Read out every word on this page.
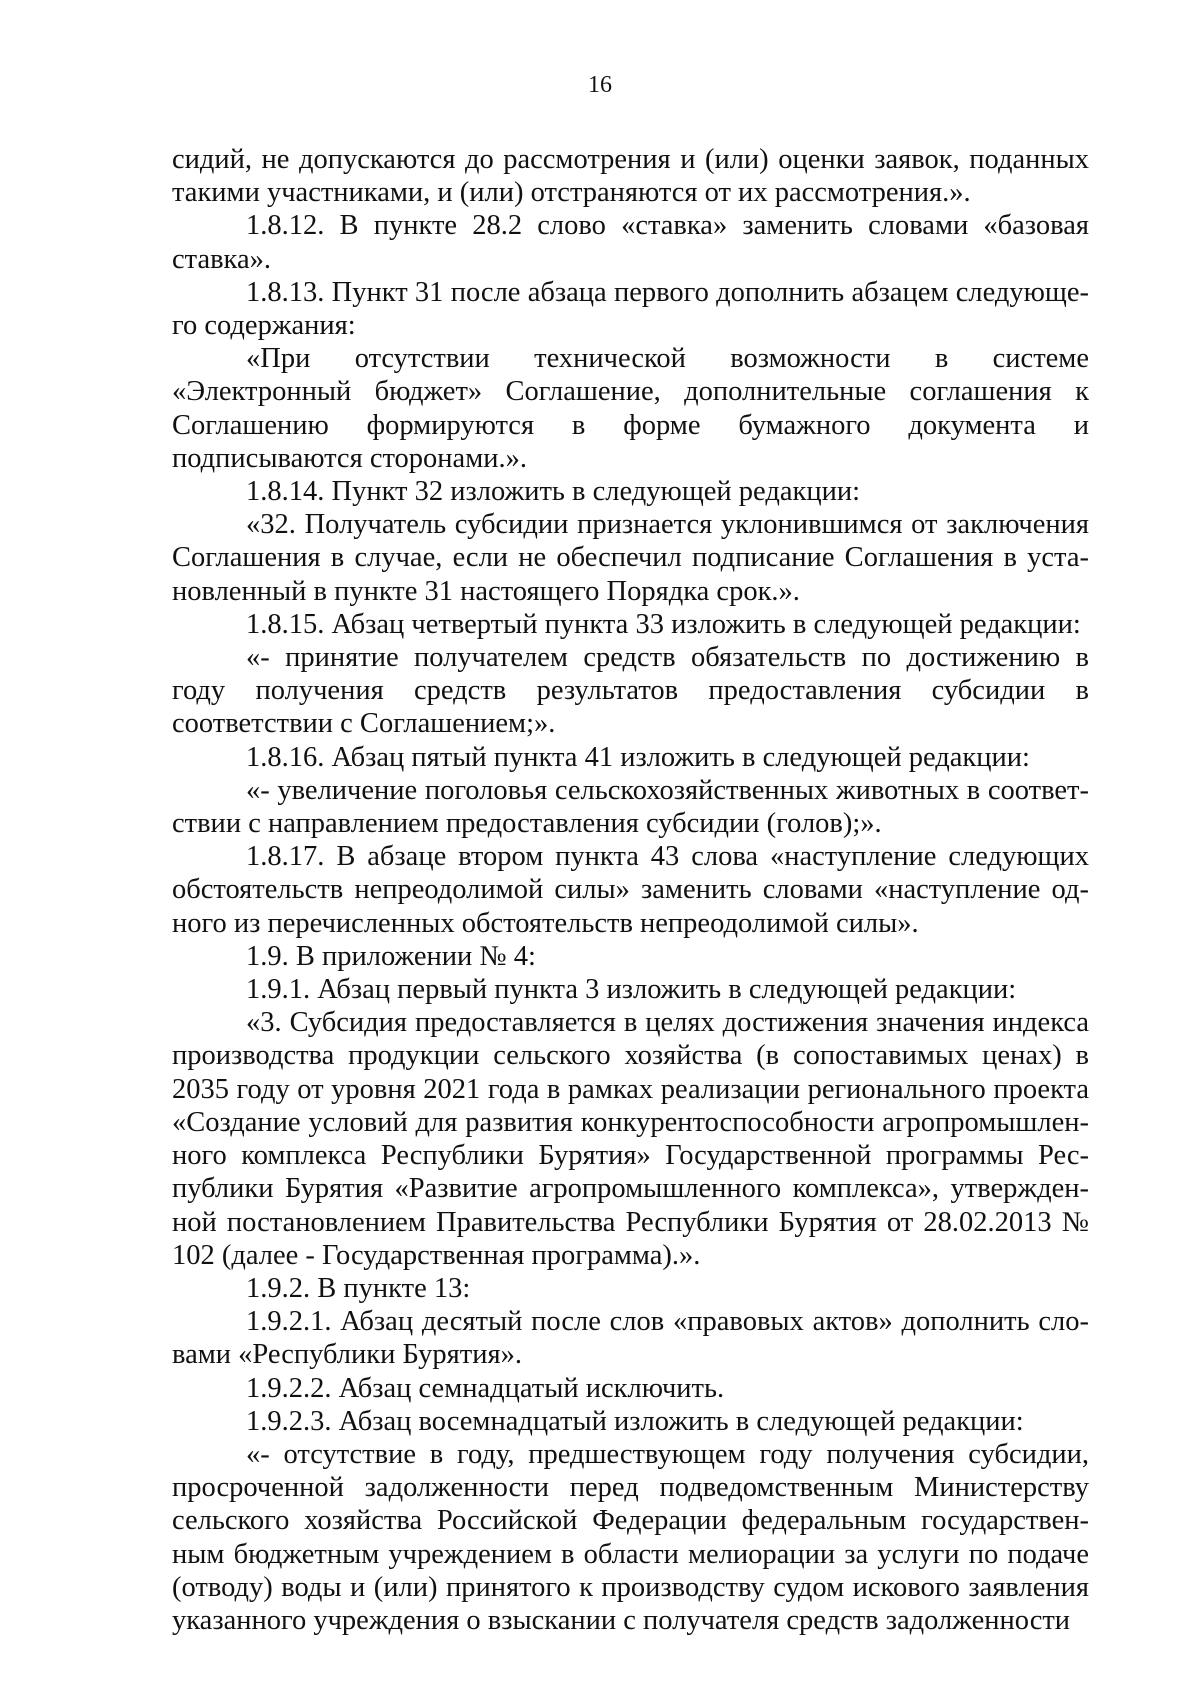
16

сидий, не допускаются до рассмотрения и (или) оценки заявок, поданных такими участниками, и (или) отстраняются от их рассмотрения.».

1.8.12. В пункте 28.2 слово «ставка» заменить словами «базовая ставка».

1.8.13. Пункт 31 после абзаца первого дополнить абзацем следующего содержания:

«При отсутствии технической возможности в системе «Электронный бюджет» Соглашение, дополнительные соглашения к Соглашению формируются в форме бумажного документа и подписываются сторонами.».

1.8.14. Пункт 32 изложить в следующей редакции:

«32. Получатель субсидии признается уклонившимся от заключения Соглашения в случае, если не обеспечил подписание Соглашения в установленный в пункте 31 настоящего Порядка срок.».

1.8.15. Абзац четвертый пункта 33 изложить в следующей редакции:

«- принятие получателем средств обязательств по достижению в году получения средств результатов предоставления субсидии в соответствии с Соглашением;».

1.8.16. Абзац пятый пункта 41 изложить в следующей редакции:

«- увеличение поголовья сельскохозяйственных животных в соответствии с направлением предоставления субсидии (голов);».

1.8.17. В абзаце втором пункта 43 слова «наступление следующих обстоятельств непреодолимой силы» заменить словами «наступление одного из перечисленных обстоятельств непреодолимой силы».

1.9. В приложении № 4:

1.9.1. Абзац первый пункта 3 изложить в следующей редакции:

«3. Субсидия предоставляется в целях достижения значения индекса производства продукции сельского хозяйства (в сопоставимых ценах) в 2035 году от уровня 2021 года в рамках реализации регионального проекта «Создание условий для развития конкурентоспособности агропромышленного комплекса Республики Бурятия» Государственной программы Республики Бурятия «Развитие агропромышленного комплекса», утвержденной постановлением Правительства Республики Бурятия от 28.02.2013 № 102 (далее - Государственная программа).».

1.9.2. В пункте 13:

1.9.2.1. Абзац десятый после слов «правовых актов» дополнить словами «Республики Бурятия».

1.9.2.2. Абзац семнадцатый исключить.

1.9.2.3. Абзац восемнадцатый изложить в следующей редакции:

«- отсутствие в году, предшествующем году получения субсидии, просроченной задолженности перед подведомственным Министерству сельского хозяйства Российской Федерации федеральным государственным бюджетным учреждением в области мелиорации за услуги по подаче (отводу) воды и (или) принятого к производству судом искового заявления указанного учреждения о взыскании с получателя средств задолженности
